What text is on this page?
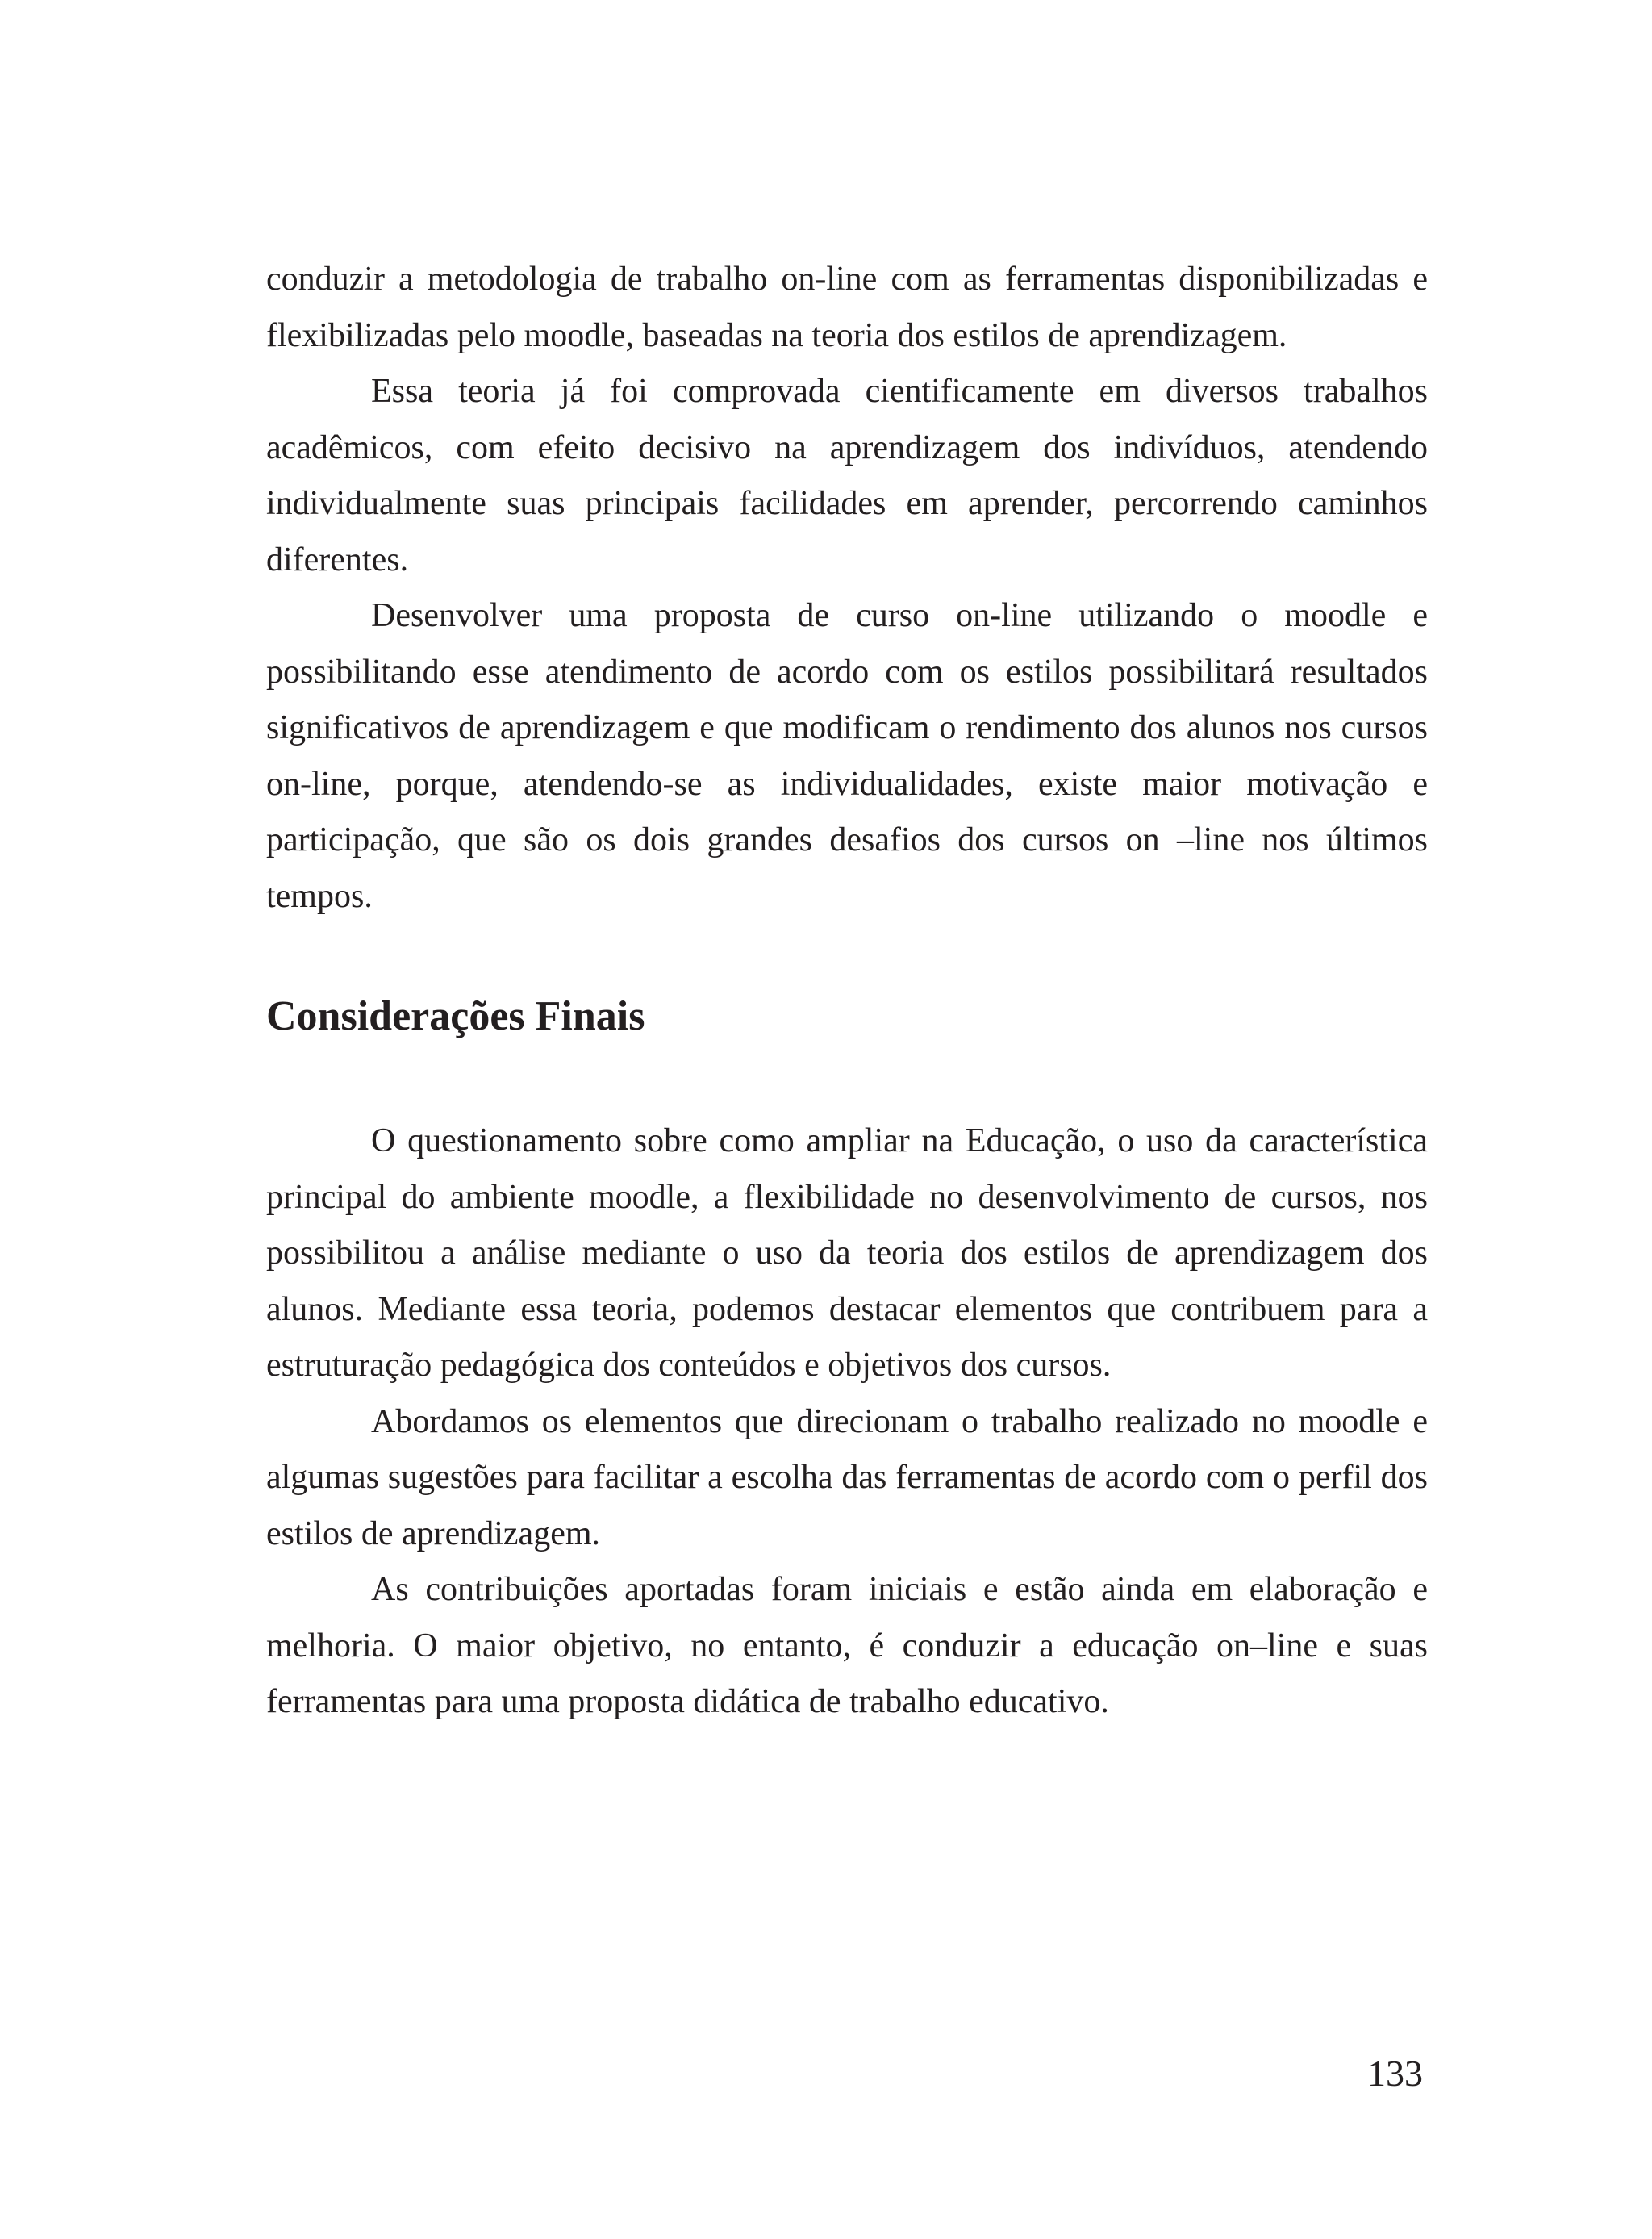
conduzir a metodologia de trabalho on-line com as ferramentas disponibilizadas e flexibilizadas pelo moodle, baseadas na teoria dos estilos de aprendizagem.

Essa teoria já foi comprovada cientificamente em diversos trabalhos acadêmicos, com efeito decisivo na aprendizagem dos indivíduos, atendendo individualmente suas principais facilidades em aprender, percorrendo caminhos diferentes.

Desenvolver uma proposta de curso on-line utilizando o moodle e possibilitando esse atendimento de acordo com os estilos possibilitará resultados significativos de aprendizagem e que modificam o rendimento dos alunos nos cursos on-line, porque, atendendo-se as individualidades, existe maior motivação e participação, que são os dois grandes desafios dos cursos on –line nos últimos tempos.

Considerações Finais

O questionamento sobre como ampliar na Educação, o uso da característica principal do ambiente moodle, a flexibilidade no desenvolvimento de cursos, nos possibilitou a análise mediante o uso da teoria dos estilos de aprendizagem dos alunos. Mediante essa teoria, podemos destacar elementos que contribuem para a estruturação pedagógica dos conteúdos e objetivos dos cursos.

Abordamos os elementos que direcionam o trabalho realizado no moodle e algumas sugestões para facilitar a escolha das ferramentas de acordo com o perfil dos estilos de aprendizagem.

As contribuições aportadas foram iniciais e estão ainda em elaboração e melhoria. O maior objetivo, no entanto, é conduzir a educação on–line e suas ferramentas para uma proposta didática de trabalho educativo.

133
